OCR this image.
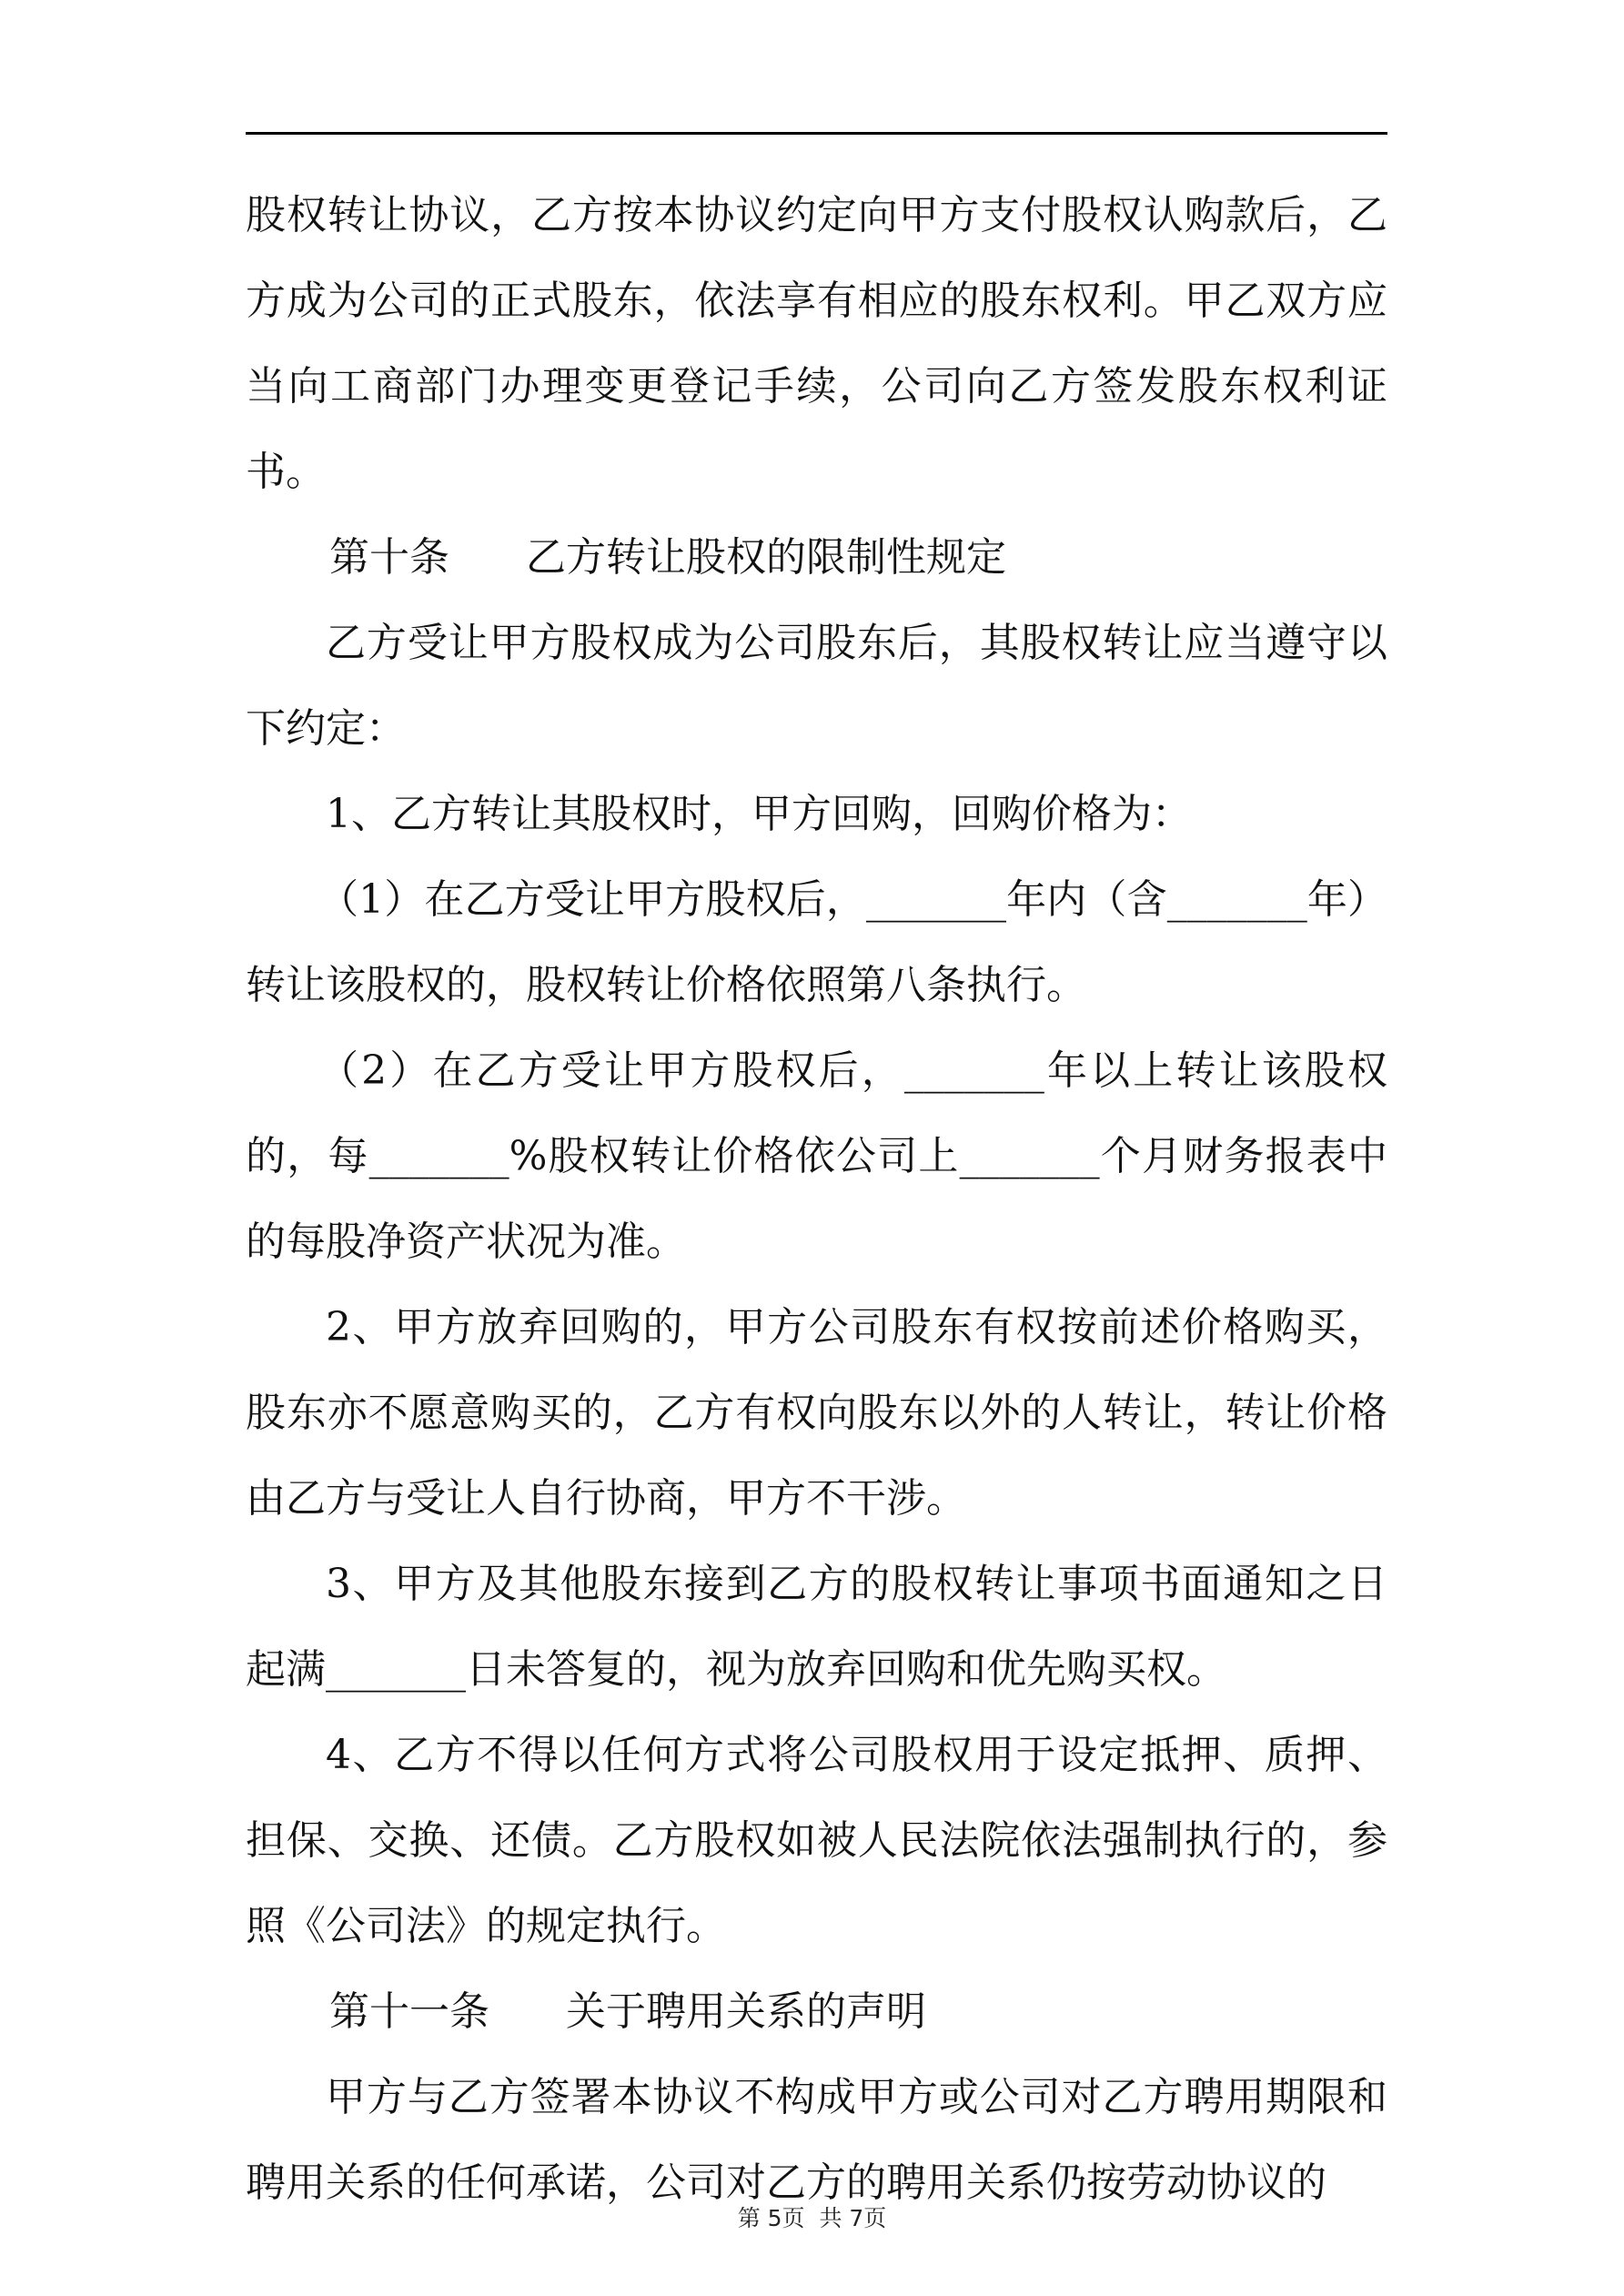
股权转让协议，乙方按本协议约定向甲方支付股权认购款后，乙方成为公司的正式股东，依法享有相应的股东权利。甲乙双方应当向工商部门办理变更登记手续，公司向乙方签发股东权利证书。

第十条 乙方转让股权的限制性规定

乙方受让甲方股权成为公司股东后，其股权转让应当遵守以下约定：

1、乙方转让其股权时，甲方回购，回购价格为：

（1）在乙方受让甲方股权后，_______年内（含_______年）转让该股权的，股权转让价格依照第八条执行。

（2）在乙方受让甲方股权后，_______年以上转让该股权的，每_______%股权转让价格依公司上_______个月财务报表中的每股净资产状况为准。

2、甲方放弃回购的，甲方公司股东有权按前述价格购买，股东亦不愿意购买的，乙方有权向股东以外的人转让，转让价格由乙方与受让人自行协商，甲方不干涉。

3、甲方及其他股东接到乙方的股权转让事项书面通知之日起满_______日未答复的，视为放弃回购和优先购买权。

4、乙方不得以任何方式将公司股权用于设定抵押、质押、担保、交换、还债。乙方股权如被人民法院依法强制执行的，参照《公司法》的规定执行。

第十一条 关于聘用关系的声明

甲方与乙方签署本协议不构成甲方或公司对乙方聘用期限和聘用关系的任何承诺，公司对乙方的聘用关系仍按劳动协议的

第 5页 共 7页
